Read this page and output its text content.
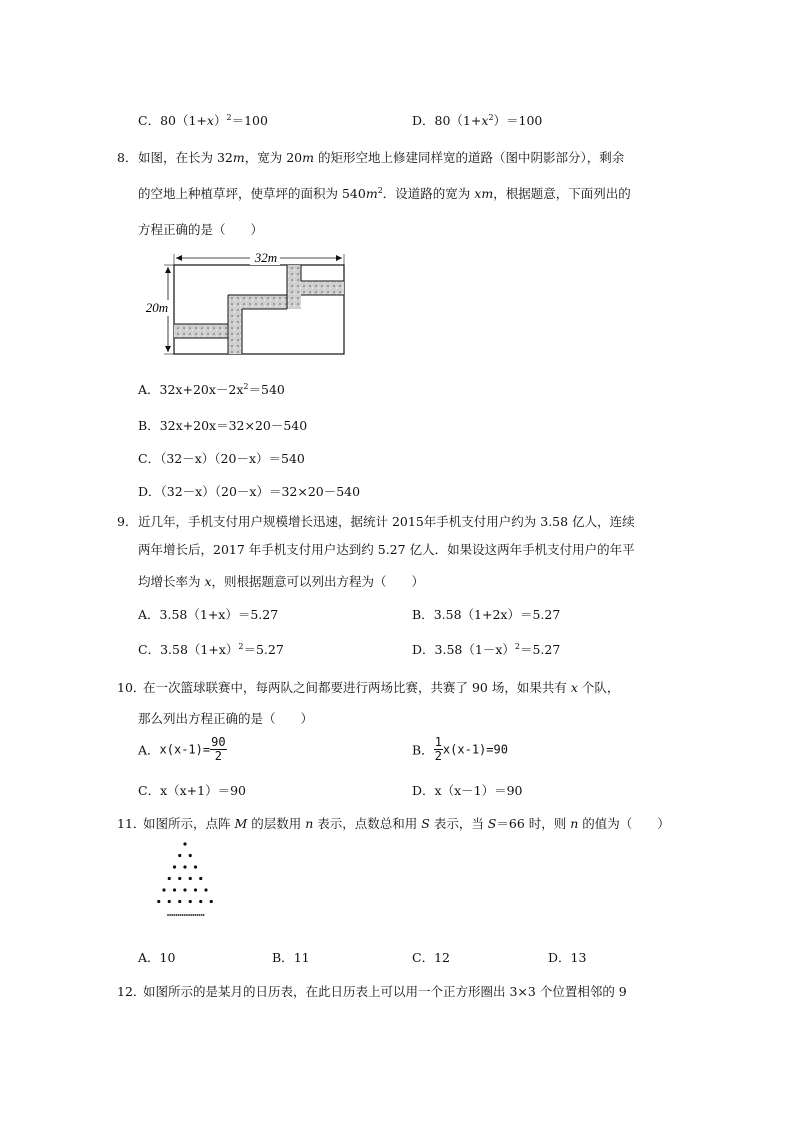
C．$80(1+x)^2=100$	D．$80(1+x^2)=100$
8． 如图，在长为 32m，宽为 20m 的矩形空地上修建同样宽的道路（图中阴影部分），剩余
的空地上种植草坪，使草坪的面积为 $540m^2$．设道路的宽为 xm，根据题意，下面列出的
方程正确的是（　　）
32m
20m
A．$32x+20x-2x^2=540$
B．32x+20x＝32×20－540
C．（32－x）（20－x）＝540
D．（32－x）（20－x）＝32×20－540
9． 近几年，手机支付用户规模增长迅速，据统计 2015年手机支付用户约为 3.58 亿人，连续
两年增长后，2017 年手机支付用户达到约 5.27 亿人．如果设这两年手机支付用户的年平
均增长率为 x，则根据题意可以列出方程为（　　）
A．3.58（1+x）＝5.27	B．3.58（1+2x）＝5.27
C．$3.58(1+x)^2=5.27$	D．$3.58(1-x)^2=5.27$
10．
在一次篮球联赛中，每两队之间都要进行两场比赛，共赛了 90 场，如果共有 x 个队，
那么列出方程正确的是（　　）
A．$x(x-1)= \frac{90}{2}$	B． $\frac{1}{2} x(x-1)=90$
C．x（x+1）＝90	D．x（x－1）＝90
11．
如图所示，点阵 M 的层数用 n 表示，点数总和用 S 表示，当 S＝66 时，则 n 的值为（　　）
A．10	B．11	C．12	D．13
12．
如图所示的是某月的日历表，在此日历表上可以用一个正方形圈出 3×3 个位置相邻的 9
